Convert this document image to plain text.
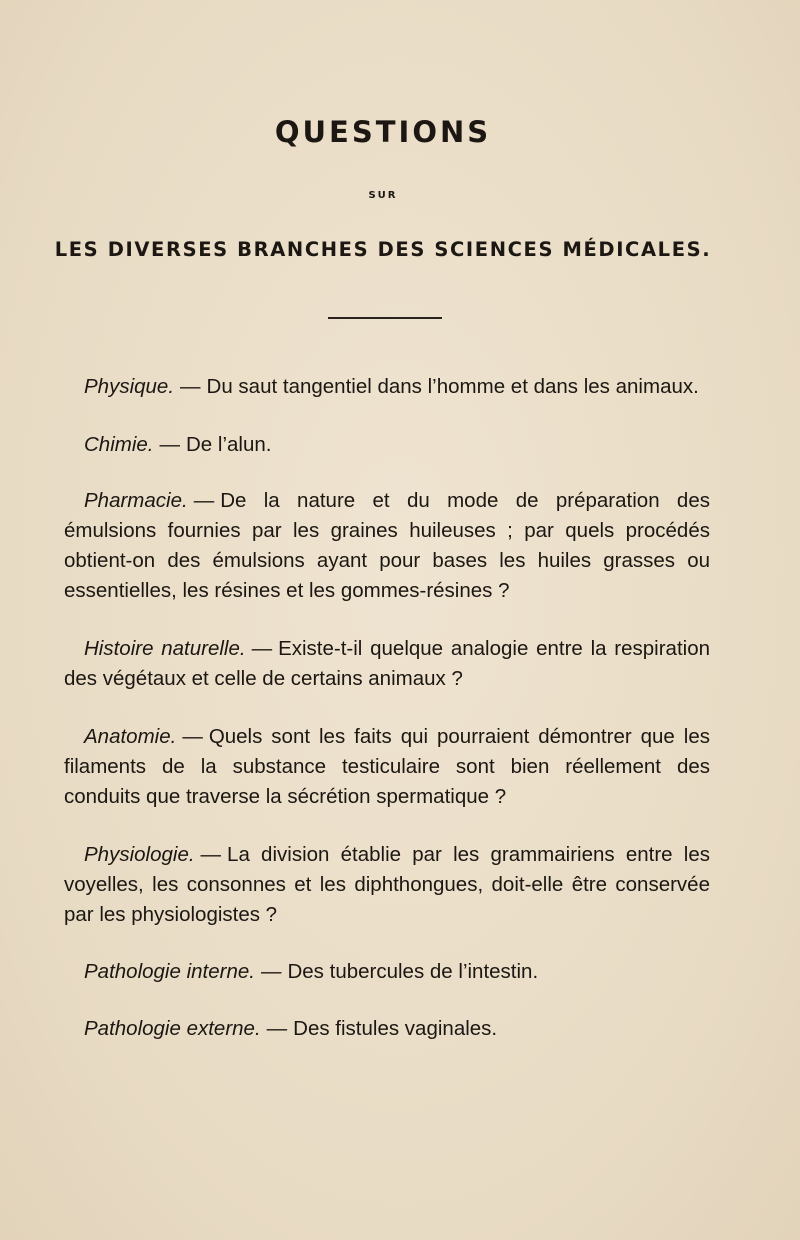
QUESTIONS
SUR
LES DIVERSES BRANCHES DES SCIENCES MÉDICALES.

Physique. — Du saut tangentiel dans l’homme et dans les animaux.

Chimie. — De l’alun.

Pharmacie. — De la nature et du mode de préparation des émulsions fournies par les graines huileuses ; par quels procédés obtient-on des émulsions ayant pour bases les huiles grasses ou essentielles, les résines et les gommes-résines ?

Histoire naturelle. — Existe-t-il quelque analogie entre la respiration des végétaux et celle de certains animaux ?

Anatomie. — Quels sont les faits qui pourraient démontrer que les filaments de la substance testiculaire sont bien réellement des conduits que traverse la sécrétion spermatique ?

Physiologie. — La division établie par les grammairiens entre les voyelles, les consonnes et les diphthongues, doit-elle être conservée par les physiologistes ?

Pathologie interne. — Des tubercules de l’intestin.

Pathologie externe. — Des fistules vaginales.
